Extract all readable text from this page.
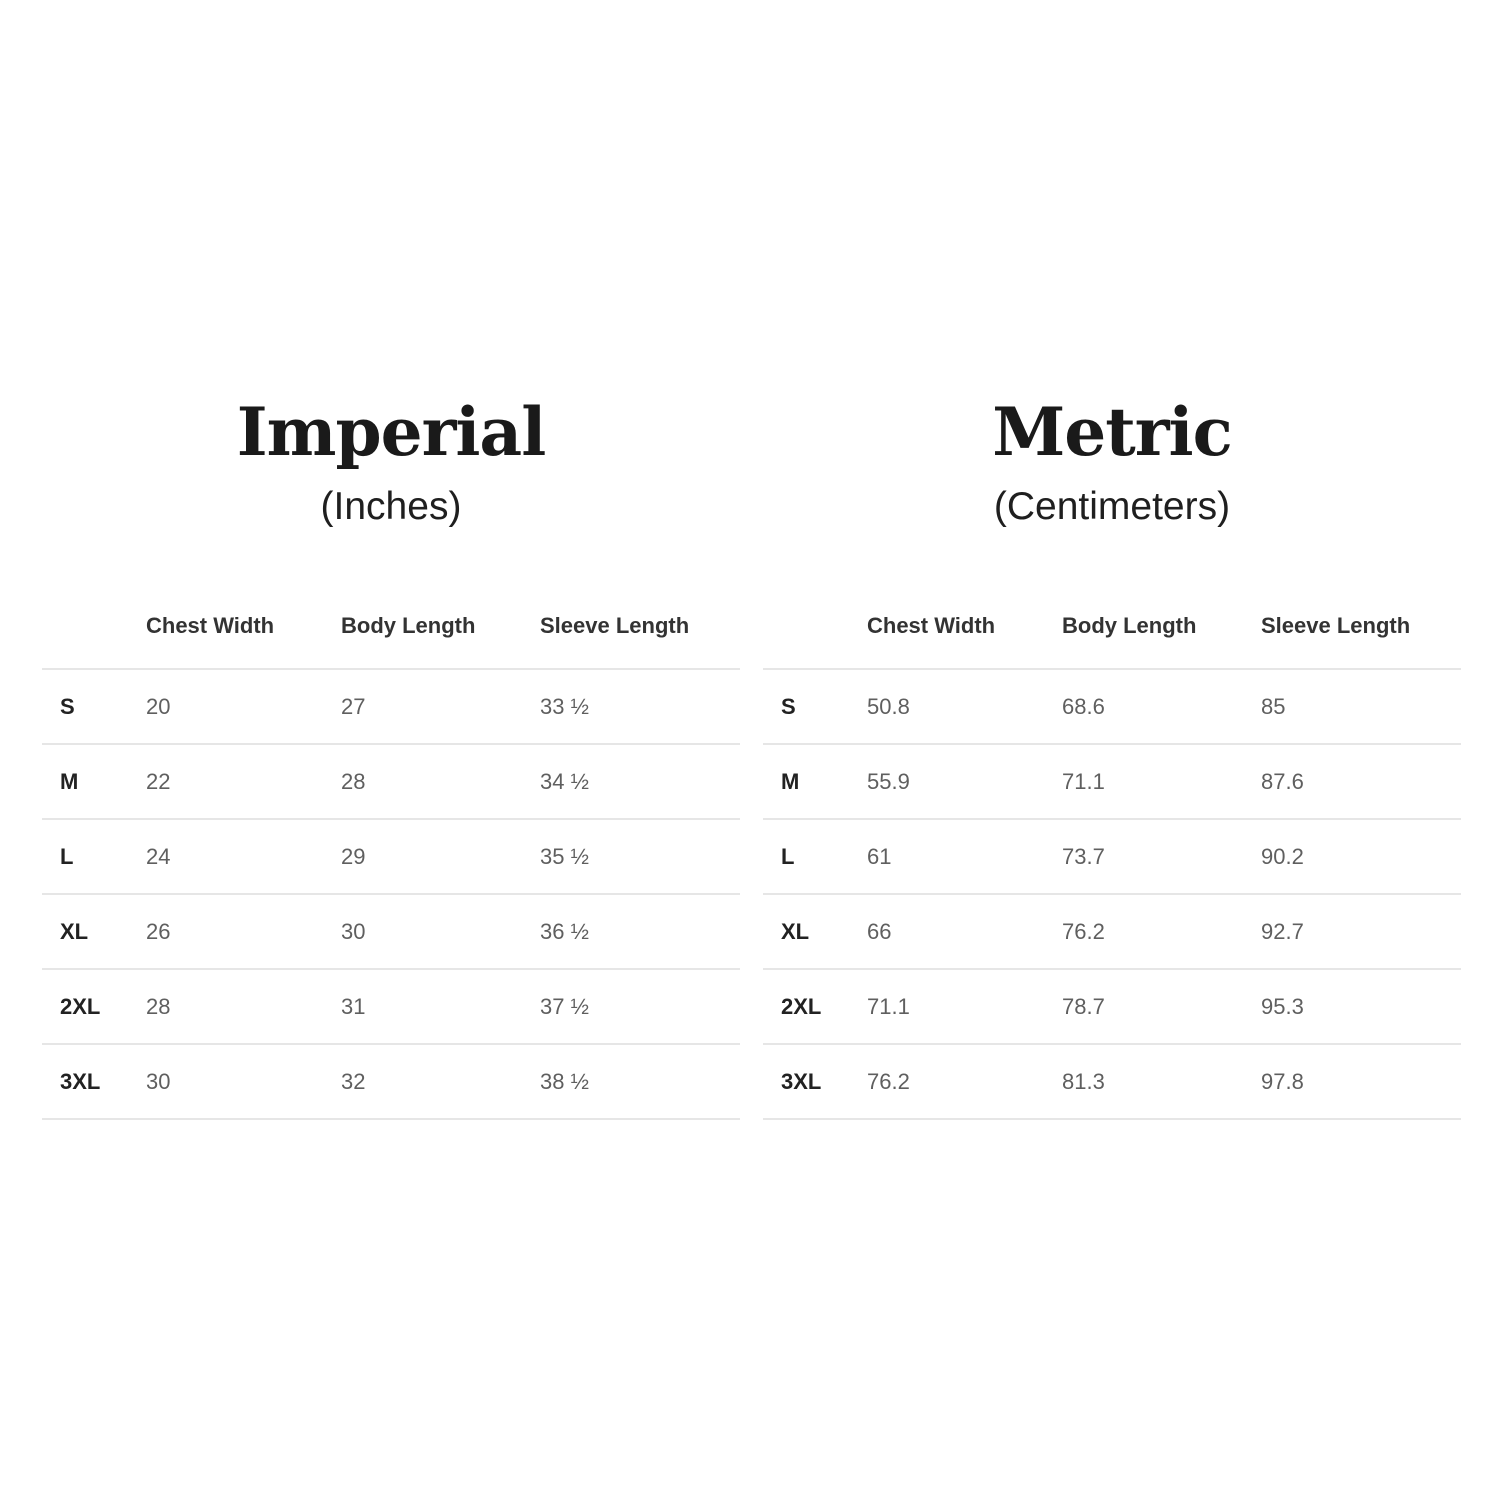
Imperial
(Inches)
	Chest Width	Body Length	Sleeve Length
S	20	27	33 ½
M	22	28	34 ½
L	24	29	35 ½
XL	26	30	36 ½
2XL	28	31	37 ½
3XL	30	32	38 ½
Metric
(Centimeters)
	Chest Width	Body Length	Sleeve Length
S	50.8	68.6	85
M	55.9	71.1	87.6
L	61	73.7	90.2
XL	66	76.2	92.7
2XL	71.1	78.7	95.3
3XL	76.2	81.3	97.8
